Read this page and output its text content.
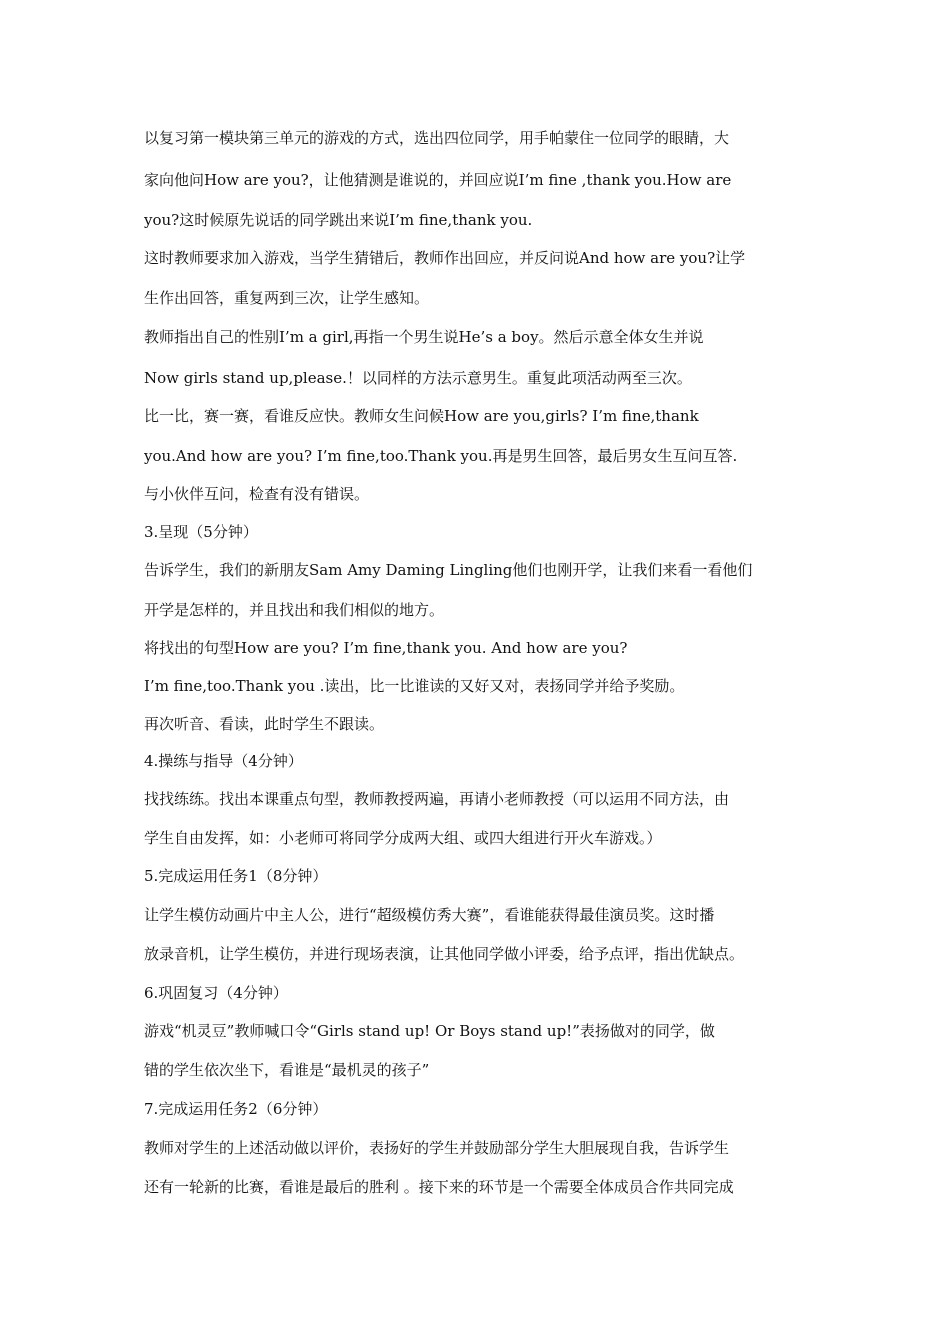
以复习第一模块第三单元的游戏的方式，选出四位同学，用手帕蒙住一位同学的眼睛，大
家向他问How are you?，让他猜测是谁说的，并回应说I’m fine ,thank you.How are
you?这时候原先说话的同学跳出来说I’m fine,thank you.
这时教师要求加入游戏，当学生猜错后，教师作出回应，并反问说And how are you?让学
生作出回答，重复两到三次，让学生感知。
教师指出自己的性别I’m a girl,再指一个男生说He’s a boy。然后示意全体女生并说
Now girls stand up,please.！以同样的方法示意男生。重复此项活动两至三次。
比一比，赛一赛，看谁反应快。教师女生问候How are you,girls? I’m fine,thank
you.And how are you? I’m fine,too.Thank you.再是男生回答，最后男女生互问互答.
与小伙伴互问，检查有没有错误。
3.呈现（5分钟）
告诉学生，我们的新朋友Sam Amy Daming Lingling他们也刚开学，让我们来看一看他们
开学是怎样的，并且找出和我们相似的地方。
将找出的句型How are you? I’m fine,thank you. And how are you?
I’m fine,too.Thank you .读出，比一比谁读的又好又对，表扬同学并给予奖励。
再次听音、看读，此时学生不跟读。
4.操练与指导（4分钟）
找找练练。找出本课重点句型，教师教授两遍，再请小老师教授（可以运用不同方法，由
学生自由发挥，如：小老师可将同学分成两大组、或四大组进行开火车游戏。）
5.完成运用任务1（8分钟）
让学生模仿动画片中主人公，进行“超级模仿秀大赛”，看谁能获得最佳演员奖。这时播
放录音机，让学生模仿，并进行现场表演，让其他同学做小评委，给予点评，指出优缺点。
6.巩固复习（4分钟）
游戏“机灵豆”教师喊口令“Girls stand up! Or Boys stand up!”表扬做对的同学，做
错的学生依次坐下，看谁是“最机灵的孩子”
7.完成运用任务2（6分钟）
教师对学生的上述活动做以评价，表扬好的学生并鼓励部分学生大胆展现自我，告诉学生
还有一轮新的比赛，看谁是最后的胜利 。接下来的环节是一个需要全体成员合作共同完成
